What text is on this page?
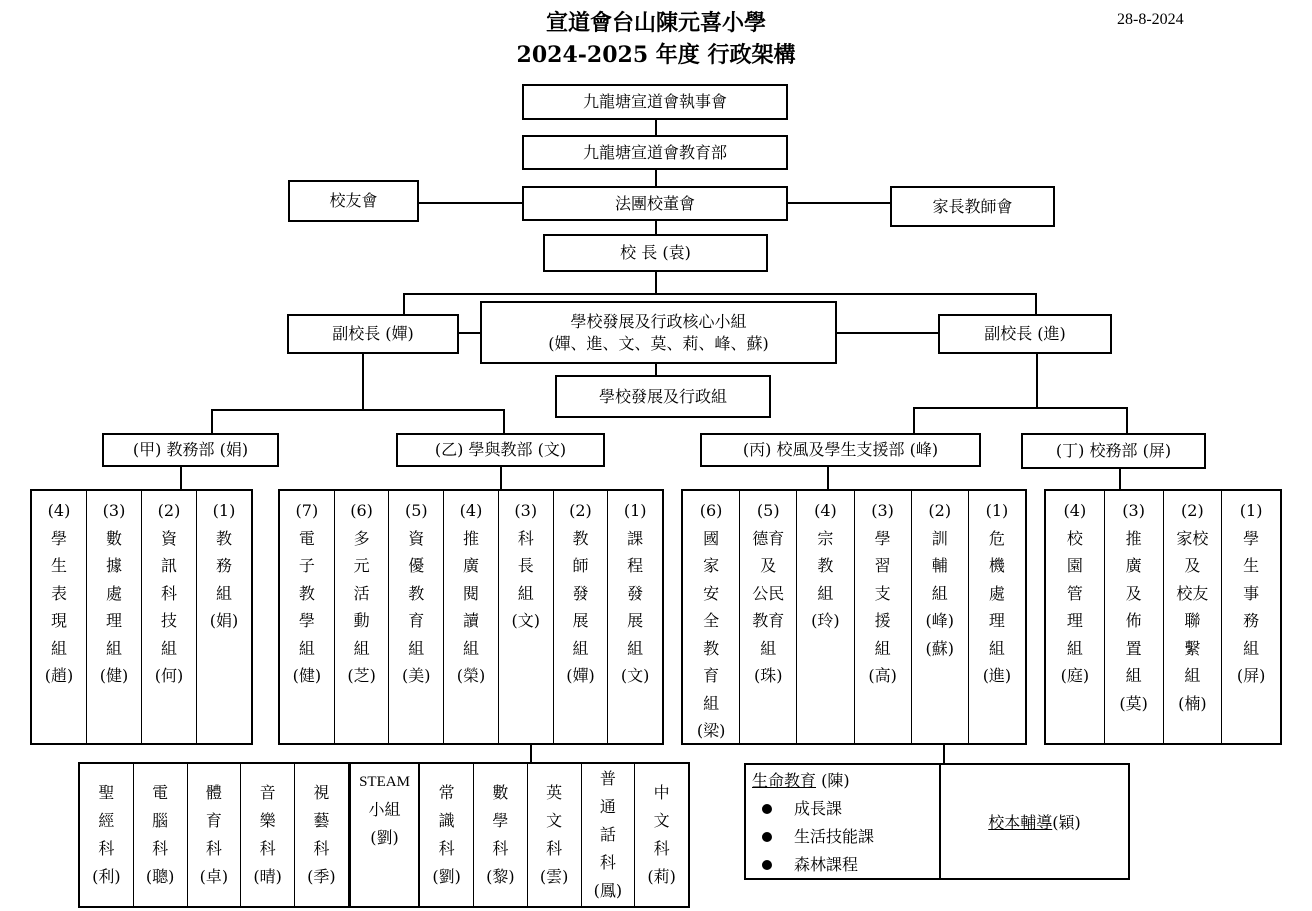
宣道會台山陳元喜小學
2024-2025 年度 行政架構
28-8-2024
九龍塘宣道會執事會
九龍塘宣道會教育部
法團校董會
校友會	家長教師會
校 長 (袁)
副校長 (嬋)	副校長 (進)
學校發展及行政核心小組
(嬋、進、文、莫、莉、峰、蘇)
學校發展及行政組
(甲) 教務部 (娟)	(乙) 學與教部 (文)	(丙) 校風及學生支援部 (峰)	(丁) 校務部 (屏)
(4)
學
生
表
現
組
(趙)
(3)
數
據
處
理
組
(健)
(2)
資
訊
科
技
組
(何)
(1)
教
務
組
(娟)
(7)
電
子
教
學
組
(健)
(6)
多
元
活
動
組
(芝)
(5)
資
優
教
育
組
(美)
(4)
推
廣
閱
讀
組
(榮)
(3)
科
長
組
(文)
(2)
教
師
發
展
組
(嬋)
(1)
課
程
發
展
組
(文)
(6)
國
家
安
全
教
育
組
(梁)
(5)
德育
及
公民
教育
組
(珠)
(4)
宗
教
組
(玲)
(3)
學
習
支
援
組
(高)
(2)
訓
輔
組
(峰)
(蘇)
(1)
危
機
處
理
組
(進)
(4)
校
園
管
理
組
(庭)
(3)
推
廣
及
佈
置
組
(莫)
(2)
家校
及
校友
聯
繫
組
(楠)
(1)
學
生
事
務
組
(屏)
聖
經
科
(利)
電
腦
科
(聰)
體
育
科
(卓)
音
樂
科
(晴)
視
藝
科
(季)
STEAM
小組
(劉)
常
識
科
(劉)
數
學
科
(黎)
英
文
科
(雲)
普
通
話
科
(鳳)
中
文
科
(莉)
生命教育 (陳)
成長課
生活技能課
森林課程
校本輔導 (穎)
